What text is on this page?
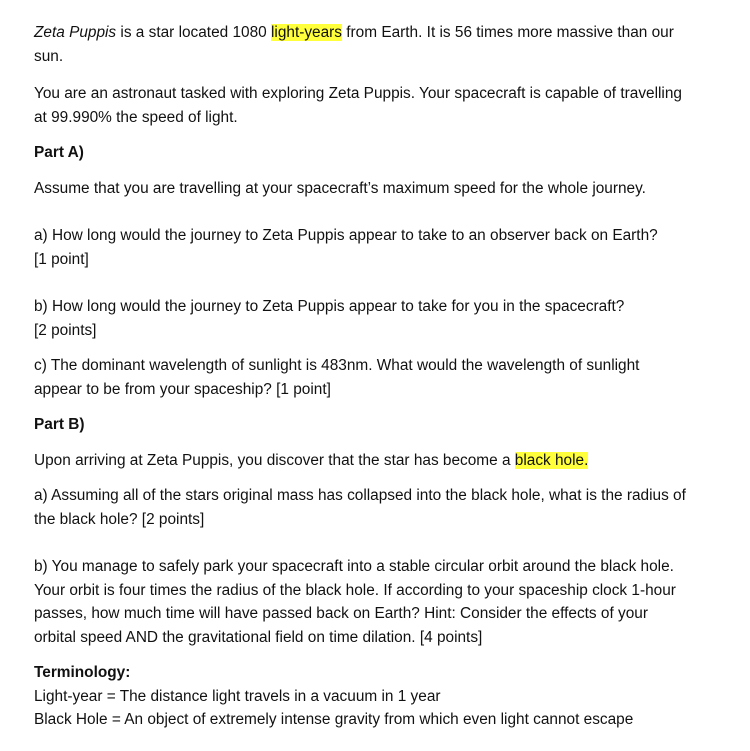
Zeta Puppis is a star located 1080 light-years from Earth. It is 56 times more massive than our
sun.
You are an astronaut tasked with exploring Zeta Puppis. Your spacecraft is capable of travelling
at 99.990% the speed of light.
Part A)
Assume that you are travelling at your spacecraft’s maximum speed for the whole journey.
a) How long would the journey to Zeta Puppis appear to take to an observer back on Earth?
[1 point]
b) How long would the journey to Zeta Puppis appear to take for you in the spacecraft?
[2 points]
c) The dominant wavelength of sunlight is 483nm. What would the wavelength of sunlight
appear to be from your spaceship? [1 point]
Part B)
Upon arriving at Zeta Puppis, you discover that the star has become a black hole.
a) Assuming all of the stars original mass has collapsed into the black hole, what is the radius of
the black hole? [2 points]
b) You manage to safely park your spacecraft into a stable circular orbit around the black hole.
Your orbit is four times the radius of the black hole. If according to your spaceship clock 1-hour
passes, how much time will have passed back on Earth? Hint: Consider the effects of your
orbital speed AND the gravitational field on time dilation. [4 points]
Terminology:
Light-year = The distance light travels in a vacuum in 1 year
Black Hole = An object of extremely intense gravity from which even light cannot escape
